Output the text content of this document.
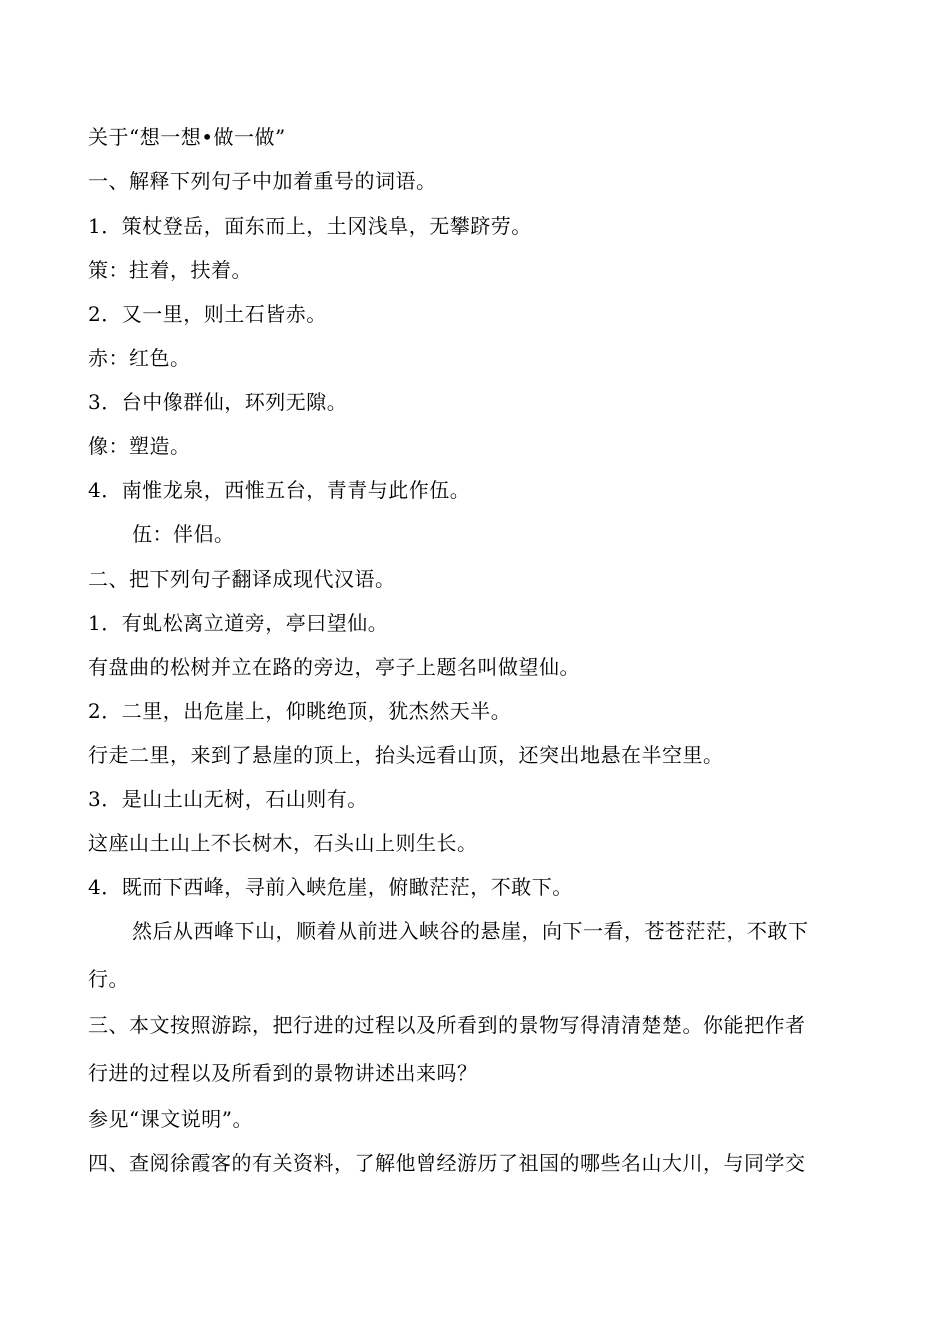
关于“想一想•做一做”
一、解释下列句子中加着重号的词语。
1．策杖登岳，面东而上，土冈浅阜，无攀跻劳。
策：拄着，扶着。
2．又一里，则土石皆赤。
赤：红色。
3．台中像群仙，环列无隙。
像：塑造。
4．南惟龙泉，西惟五台，青青与此作伍。
伍：伴侣。
二、把下列句子翻译成现代汉语。
1．有虬松离立道旁，亭曰望仙。
有盘曲的松树并立在路的旁边，亭子上题名叫做望仙。
2．二里，出危崖上，仰眺绝顶，犹杰然天半。
行走二里，来到了悬崖的顶上，抬头远看山顶，还突出地悬在半空里。
3．是山土山无树，石山则有。
这座山土山上不长树木，石头山上则生长。
4．既而下西峰，寻前入峡危崖，俯瞰茫茫，不敢下。
然后从西峰下山，顺着从前进入峡谷的悬崖，向下一看，苍苍茫茫，不敢下
行。
三、本文按照游踪，把行进的过程以及所看到的景物写得清清楚楚。你能把作者
行进的过程以及所看到的景物讲述出来吗？
参见“课文说明”。
四、查阅徐霞客的有关资料，了解他曾经游历了祖国的哪些名山大川，与同学交
